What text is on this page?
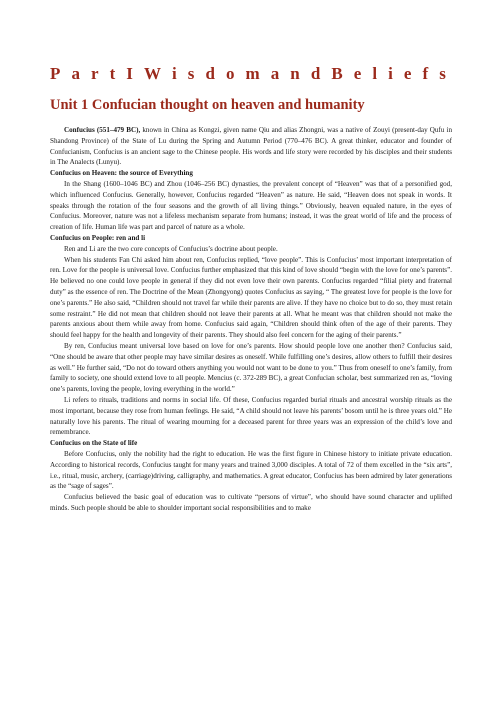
P a r t I W i s d o m a n d B e l i e f s
Unit 1 Confucian thought on heaven and humanity

Confucius (551–479 BC), known in China as Kongzi, given name Qiu and alias Zhongni, was a native of Zouyi (present-day Qufu in Shandong Province) of the State of Lu during the Spring and Autumn Period (770–476 BC). A great thinker, educator and founder of Confucianism, Confucius is an ancient sage to the Chinese people. His words and life story were recorded by his disciples and their students in The Analects (Lunyu).

Confucius on Heaven: the source of Everything

In the Shang (1600–1046 BC) and Zhou (1046–256 BC) dynasties, the prevalent concept of “Heaven” was that of a personified god, which influenced Confucius. Generally, however, Confucius regarded “Heaven” as nature. He said, “Heaven does not speak in words. It speaks through the rotation of the four seasons and the growth of all living things.” Obviously, heaven equaled nature, in the eyes of Confucius. Moreover, nature was not a lifeless mechanism separate from humans; instead, it was the great world of life and the process of creation of life. Human life was part and parcel of nature as a whole.

Confucius on People: ren and li

Ren and Li are the two core concepts of Confucius’s doctrine about people.

When his students Fan Chi asked him about ren, Confucius replied, “love people”. This is Confucius’ most important interpretation of ren. Love for the people is universal love. Confucius further emphasized that this kind of love should “begin with the love for one’s parents”. He believed no one could love people in general if they did not even love their own parents. Confucius regarded “filial piety and fraternal duty” as the essence of ren. The Doctrine of the Mean (Zhongyong) quotes Confucius as saying, “ The greatest love for people is the love for one’s parents.” He also said, “Children should not travel far while their parents are alive. If they have no choice but to do so, they must retain some restraint.” He did not mean that children should not leave their parents at all. What he meant was that children should not make the parents anxious about them while away from home. Confucius said again, “Children should think often of the age of their parents. They should feel happy for the health and longevity of their parents. They should also feel concern for the aging of their parents.”

By ren, Confucius meant universal love based on love for one’s parents. How should people love one another then? Confucius said, “One should be aware that other people may have similar desires as oneself. While fulfilling one’s desires, allow others to fulfill their desires as well.” He further said, “Do not do toward others anything you would not want to be done to you.” Thus from oneself to one’s family, from family to society, one should extend love to all people. Mencius (c. 372-289 BC), a great Confucian scholar, best summarized ren as, “loving one’s parents, loving the people, loving everything in the world.”

Li refers to rituals, traditions and norms in social life. Of these, Confucius regarded burial rituals and ancestral worship rituals as the most important, because they rose from human feelings. He said, “A child should not leave his parents’ bosom until he is three years old.” He naturally love his parents. The ritual of wearing mourning for a deceased parent for three years was an expression of the child’s love and remembrance.

Confucius on the State of life

Before Confucius, only the nobility had the right to education. He was the first figure in Chinese history to initiate private education. According to historical records, Confucius taught for many years and trained 3,000 disciples. A total of 72 of them excelled in the “six arts”, i.e., ritual, music, archery, (carriage)driving, calligraphy, and mathematics. A great educator, Confucius has been admired by later generations as the “sage of sages”.

Confucius believed the basic goal of education was to cultivate “persons of virtue”, who should have sound character and uplifted minds. Such people should be able to shoulder important social responsibilities and to make
